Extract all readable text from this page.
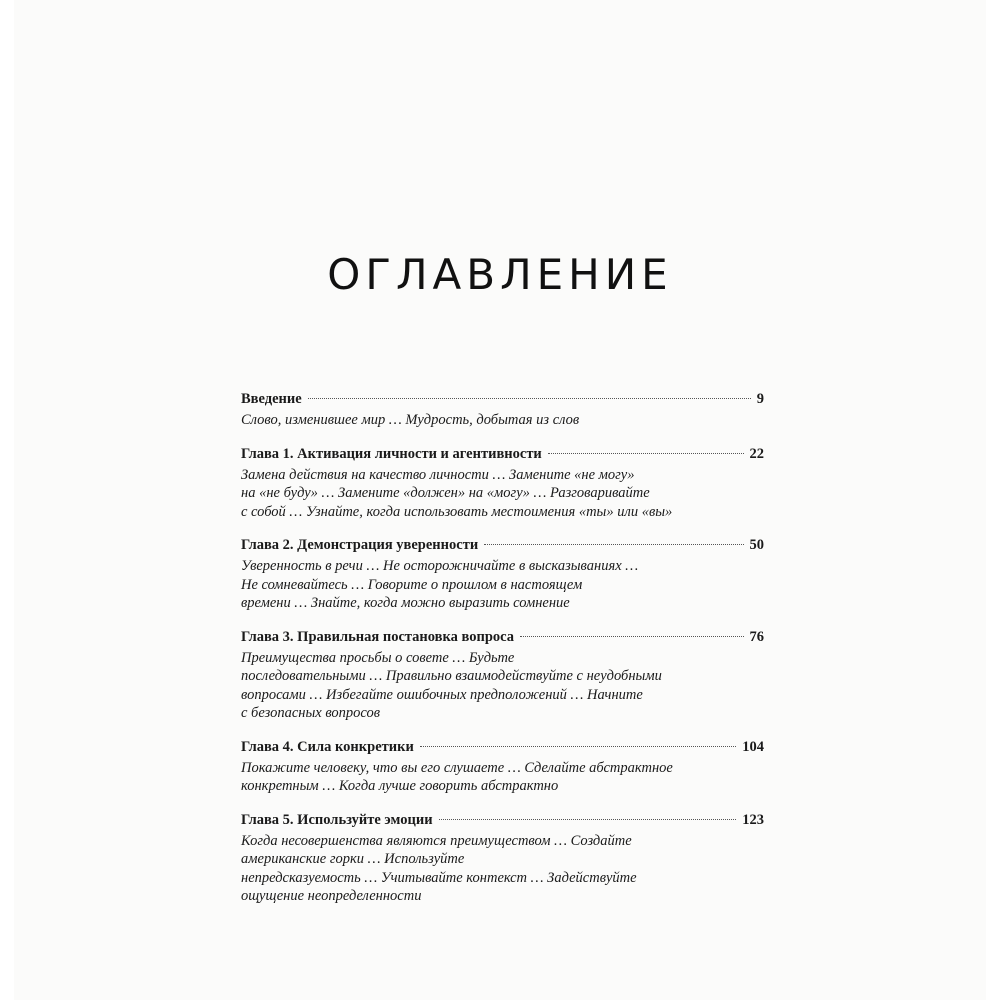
ОГЛАВЛЕНИЕ
Введение	9
Слово, изменившее мир … Мудрость, добытая из слов
Глава 1. Активация личности и агентивности	22
Замена действия на качество личности … Замените «не могу»
на «не буду» … Замените «должен» на «могу» … Разговаривайте
с собой … Узнайте, когда использовать местоимения «ты» или «вы»
Глава 2. Демонстрация уверенности	50
Уверенность в речи … Не осторожничайте в высказываниях …
Не сомневайтесь … Говорите о прошлом в настоящем
времени … Знайте, когда можно выразить сомнение
Глава 3. Правильная постановка вопроса	76
Преимущества просьбы о совете … Будьте
последовательными … Правильно взаимодействуйте с неудобными
вопросами … Избегайте ошибочных предположений … Начните
с безопасных вопросов
Глава 4. Сила конкретики	104
Покажите человеку, что вы его слушаете … Сделайте абстрактное
конкретным … Когда лучше говорить абстрактно
Глава 5. Используйте эмоции	123
Когда несовершенства являются преимуществом … Создайте
американские горки … Используйте
непредсказуемость … Учитывайте контекст … Задействуйте
ощущение неопределенности
